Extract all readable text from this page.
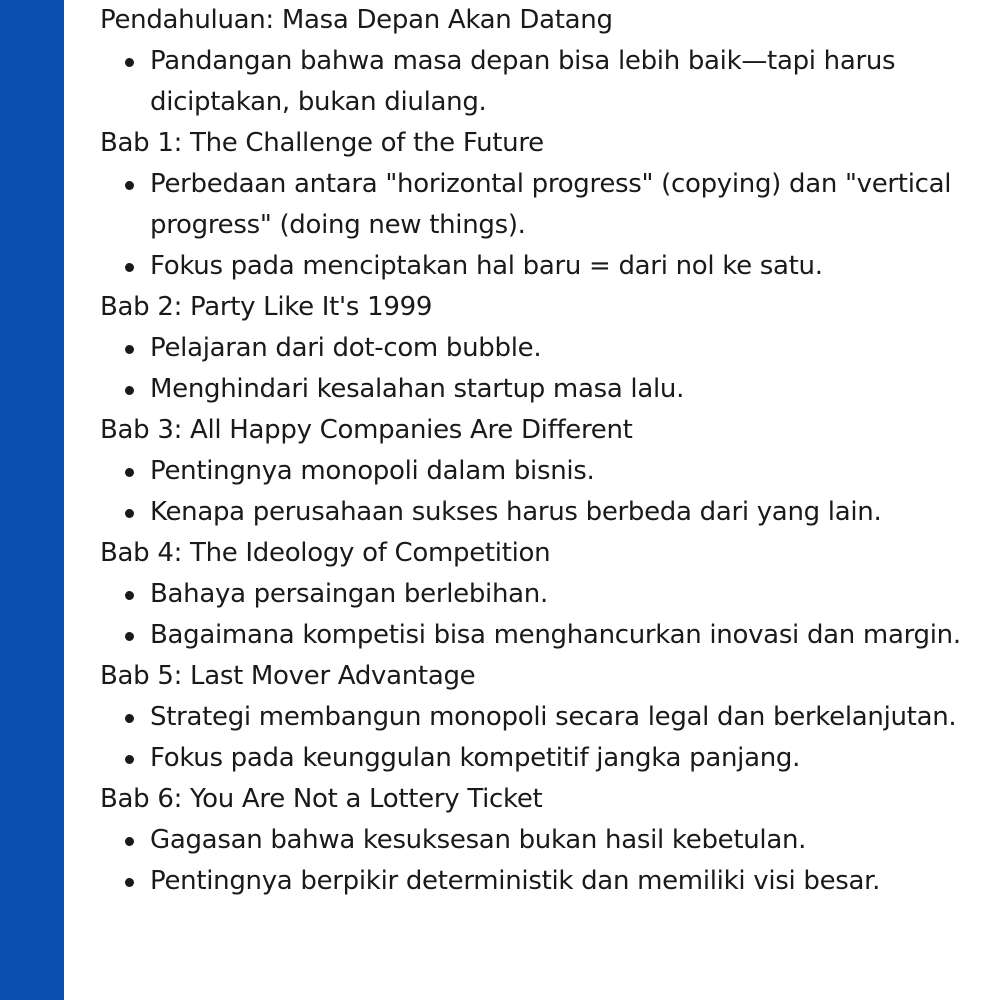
Pendahuluan: Masa Depan Akan Datang
Pandangan bahwa masa depan bisa lebih baik—tapi harus diciptakan, bukan diulang.
Bab 1: The Challenge of the Future
Perbedaan antara "horizontal progress" (copying) dan "vertical progress" (doing new things).
Fokus pada menciptakan hal baru = dari nol ke satu.
Bab 2: Party Like It's 1999
Pelajaran dari dot-com bubble.
Menghindari kesalahan startup masa lalu.
Bab 3: All Happy Companies Are Different
Pentingnya monopoli dalam bisnis.
Kenapa perusahaan sukses harus berbeda dari yang lain.
Bab 4: The Ideology of Competition
Bahaya persaingan berlebihan.
Bagaimana kompetisi bisa menghancurkan inovasi dan margin.
Bab 5: Last Mover Advantage
Strategi membangun monopoli secara legal dan berkelanjutan.
Fokus pada keunggulan kompetitif jangka panjang.
Bab 6: You Are Not a Lottery Ticket
Gagasan bahwa kesuksesan bukan hasil kebetulan.
Pentingnya berpikir deterministik dan memiliki visi besar.
